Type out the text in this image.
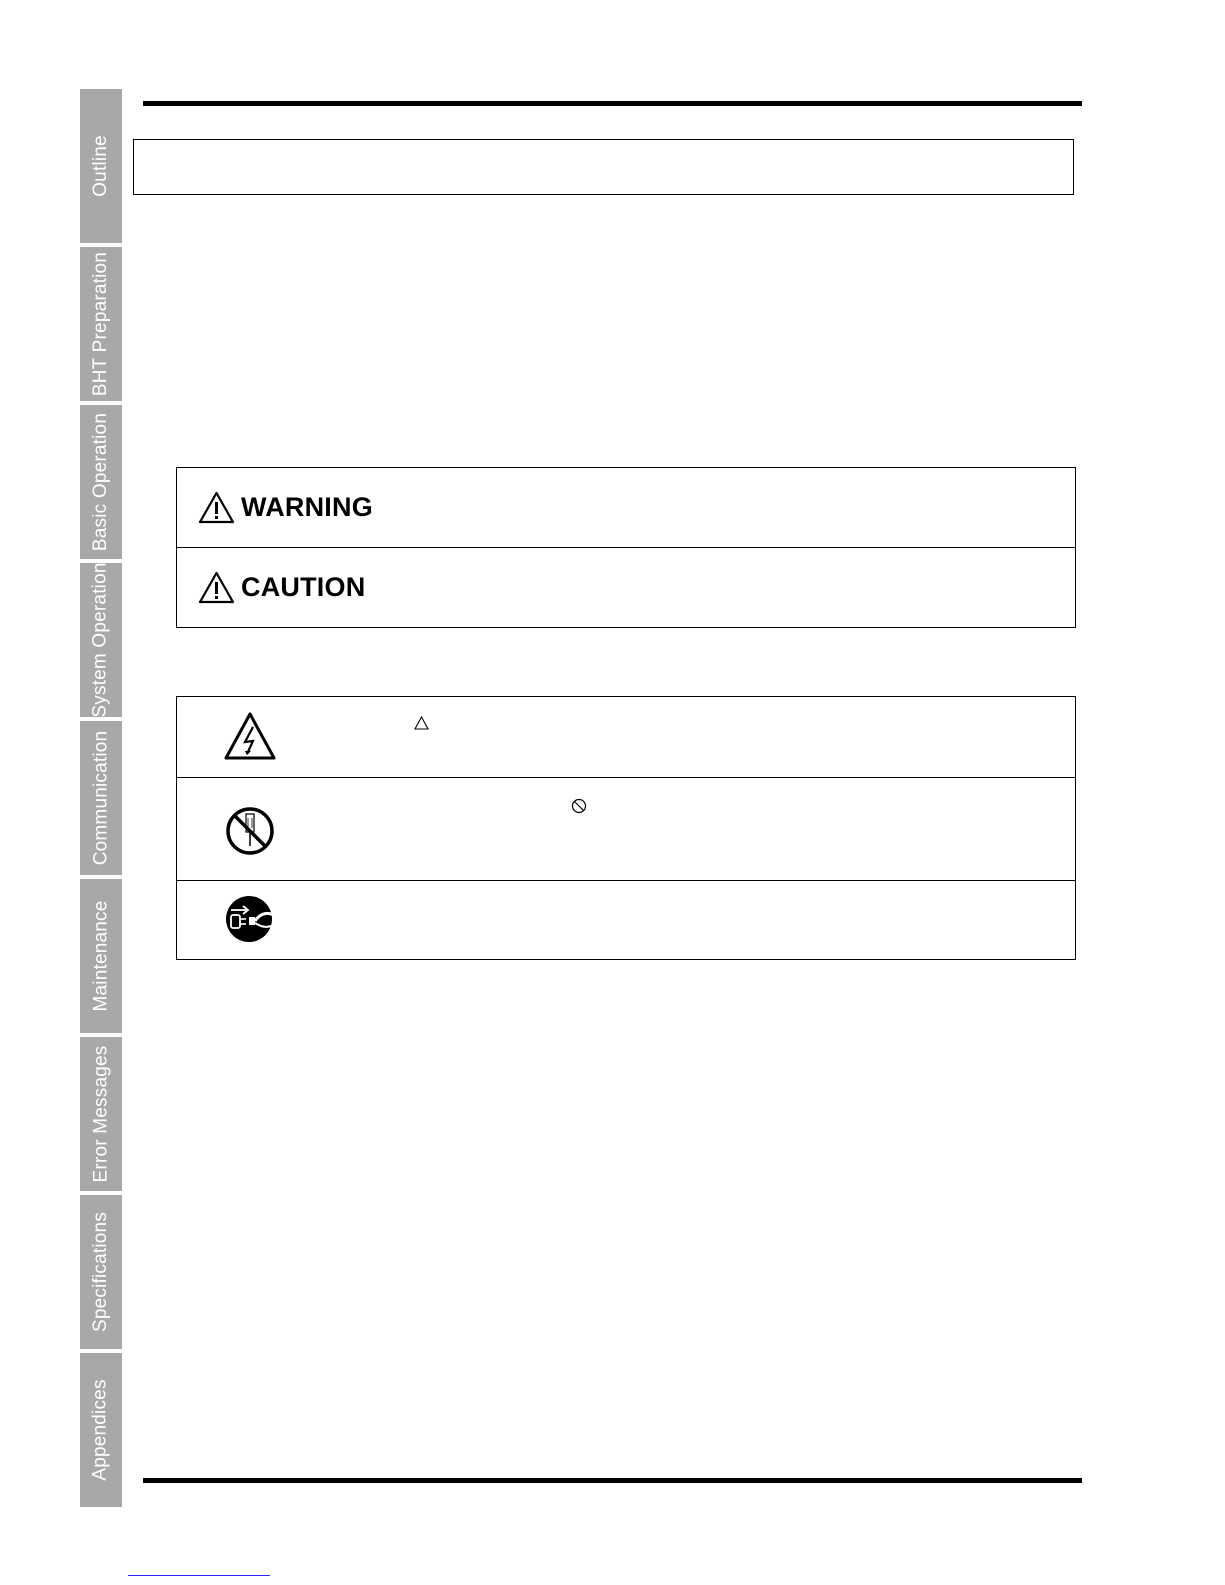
Outline
BHT Preparation
Basic Operation
System Operation
Communication
Maintenance
Error Messages
Specifications
Appendices
WARNING
CAUTION
